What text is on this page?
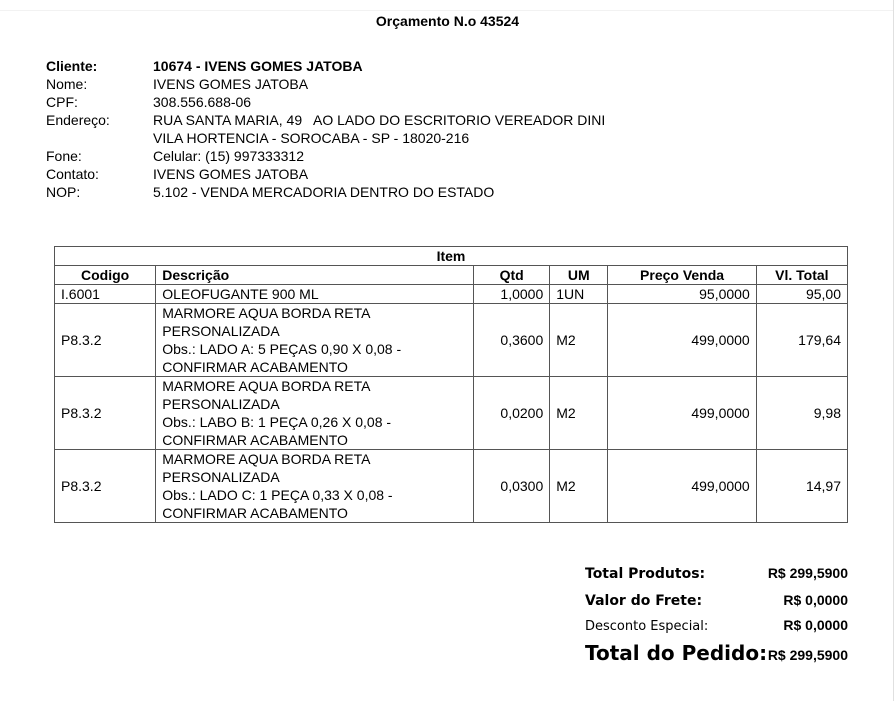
Orçamento N.o 43524
Cliente:	10674 - IVENS GOMES JATOBA
Nome:	IVENS GOMES JATOBA
CPF:	308.556.688-06
Endereço:	RUA SANTA MARIA, 49   AO LADO DO ESCRITORIO VEREADOR DINI
VILA HORTENCIA - SOROCABA - SP - 18020-216
Fone:	Celular: (15) 997333312
Contato:	IVENS GOMES JATOBA
NOP:	5.102 - VENDA MERCADORIA DENTRO DO ESTADO
Item					
Codigo	Descrição	Qtd	UM	Preço Venda	Vl. Total
I.6001	OLEOFUGANTE 900 ML	1,0000	1UN	95,0000	95,00
P8.3.2	MARMORE AQUA BORDA RETA
PERSONALIZADA
Obs.: LADO A: 5 PEÇAS 0,90 X 0,08 -
CONFIRMAR ACABAMENTO	0,3600	M2	499,0000	179,64
P8.3.2	MARMORE AQUA BORDA RETA
PERSONALIZADA
Obs.: LABO B: 1 PEÇA 0,26 X 0,08 -
CONFIRMAR ACABAMENTO	0,0200	M2	499,0000	9,98
P8.3.2	MARMORE AQUA BORDA RETA
PERSONALIZADA
Obs.: LADO C: 1 PEÇA 0,33 X 0,08 -
CONFIRMAR ACABAMENTO	0,0300	M2	499,0000	14,97
Total Produtos:	R$ 299,5900
Valor do Frete:	R$ 0,0000
Desconto Especial:	R$ 0,0000
Total do Pedido: R$ 299,5900
